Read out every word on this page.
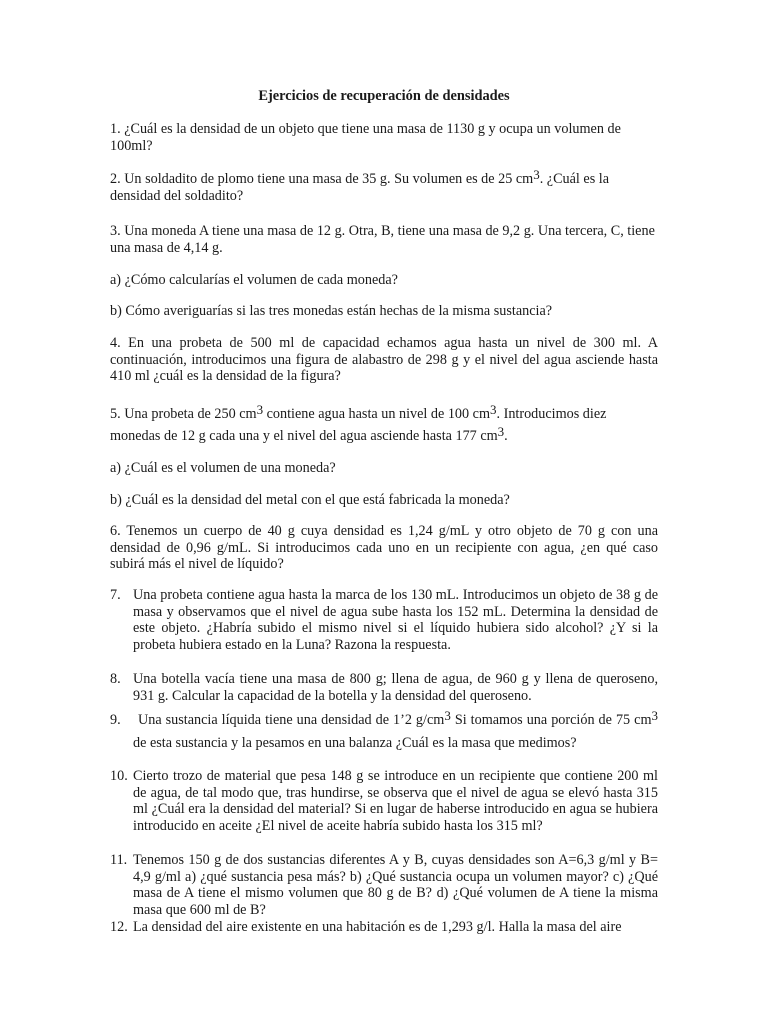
Ejercicios de recuperación de densidades

1. ¿Cuál es la densidad de un objeto que tiene una masa de 1130 g y ocupa un volumen de 100ml?

2. Un soldadito de plomo tiene una masa de 35 g. Su volumen es de 25 $cm^3$. ¿Cuál es la densidad del soldadito?

3. Una moneda A tiene una masa de 12 g. Otra, B, tiene una masa de 9,2 g. Una tercera, C, tiene una masa de 4,14 g.

a) ¿Cómo calcularías el volumen de cada moneda?

b) Cómo averiguarías si las tres monedas están hechas de la misma sustancia?

4. En una probeta de 500 ml de capacidad echamos agua hasta un nivel de 300 ml. A continuación, introducimos una figura de alabastro de 298 g y el nivel del agua asciende hasta 410 ml ¿cuál es la densidad de la figura?

5. Una probeta de 250 $cm^3$ contiene agua hasta un nivel de 100 $cm^3$. Introducimos diez monedas de 12 g cada una y el nivel del agua asciende hasta 177 $cm^3$.

a) ¿Cuál es el volumen de una moneda?

b) ¿Cuál es la densidad del metal con el que está fabricada la moneda?

6. Tenemos un cuerpo de 40 g cuya densidad es 1,24 g/mL y otro objeto de 70 g con una densidad de 0,96 g/mL. Si introducimos cada uno en un recipiente con agua, ¿en qué caso subirá más el nivel de líquido?

7. Una probeta contiene agua hasta la marca de los 130 mL. Introducimos un objeto de 38 g de masa y observamos que el nivel de agua sube hasta los 152 mL. Determina la densidad de este objeto. ¿Habría subido el mismo nivel si el líquido hubiera sido alcohol? ¿Y si la probeta hubiera estado en la Luna? Razona la respuesta.

8. Una botella vacía tiene una masa de 800 g; llena de agua, de 960 g y llena de queroseno, 931 g. Calcular la capacidad de la botella y la densidad del queroseno.

9.	Una sustancia líquida tiene una densidad de 1’2 $g/cm^3$ Si tomamos una porción de 75 $cm^3$ de esta sustancia y la pesamos en una balanza ¿Cuál es la masa que medimos?

10. Cierto trozo de material que pesa 148 g se introduce en un recipiente que contiene 200 ml de agua, de tal modo que, tras hundirse, se observa que el nivel de agua se elevó hasta 315 ml ¿Cuál era la densidad del material? Si en lugar de haberse introducido en agua se hubiera introducido en aceite ¿El nivel de aceite habría subido hasta los 315 ml?

11. Tenemos 150 g de dos sustancias diferentes A y B, cuyas densidades son A=6,3 g/ml y B= 4,9 g/ml a) ¿qué sustancia pesa más? b) ¿Qué sustancia ocupa un volumen mayor? c) ¿Qué masa de A tiene el mismo volumen que 80 g de B? d) ¿Qué volumen de A tiene la misma masa que 600 ml de B?

12. La densidad del aire existente en una habitación es de 1,293 g/l. Halla la masa del aire
